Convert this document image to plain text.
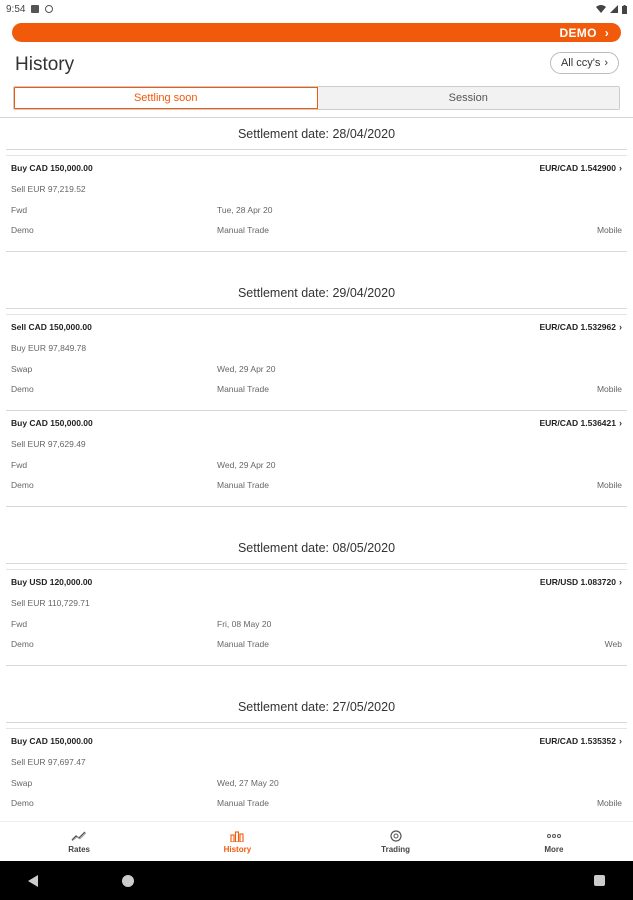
9:54
DEMO ›
History	All ccy's ›
Settling soon	Session
Settlement date: 28/04/2020
Buy CAD 150,000.00	EUR/CAD 1.542900 ›
Sell EUR 97,219.52
Fwd	Tue, 28 Apr 20
Demo	Manual Trade	Mobile
Settlement date: 29/04/2020
Sell CAD 150,000.00	EUR/CAD 1.532962 ›
Buy EUR 97,849.78
Swap	Wed, 29 Apr 20
Demo	Manual Trade	Mobile
Buy CAD 150,000.00	EUR/CAD 1.536421 ›
Sell EUR 97,629.49
Fwd	Wed, 29 Apr 20
Demo	Manual Trade	Mobile
Settlement date: 08/05/2020
Buy USD 120,000.00	EUR/USD 1.083720 ›
Sell EUR 110,729.71
Fwd	Fri, 08 May 20
Demo	Manual Trade	Web
Settlement date: 27/05/2020
Buy CAD 150,000.00	EUR/CAD 1.535352 ›
Sell EUR 97,697.47
Swap	Wed, 27 May 20
Demo	Manual Trade	Mobile
Rates	History	Trading	More
